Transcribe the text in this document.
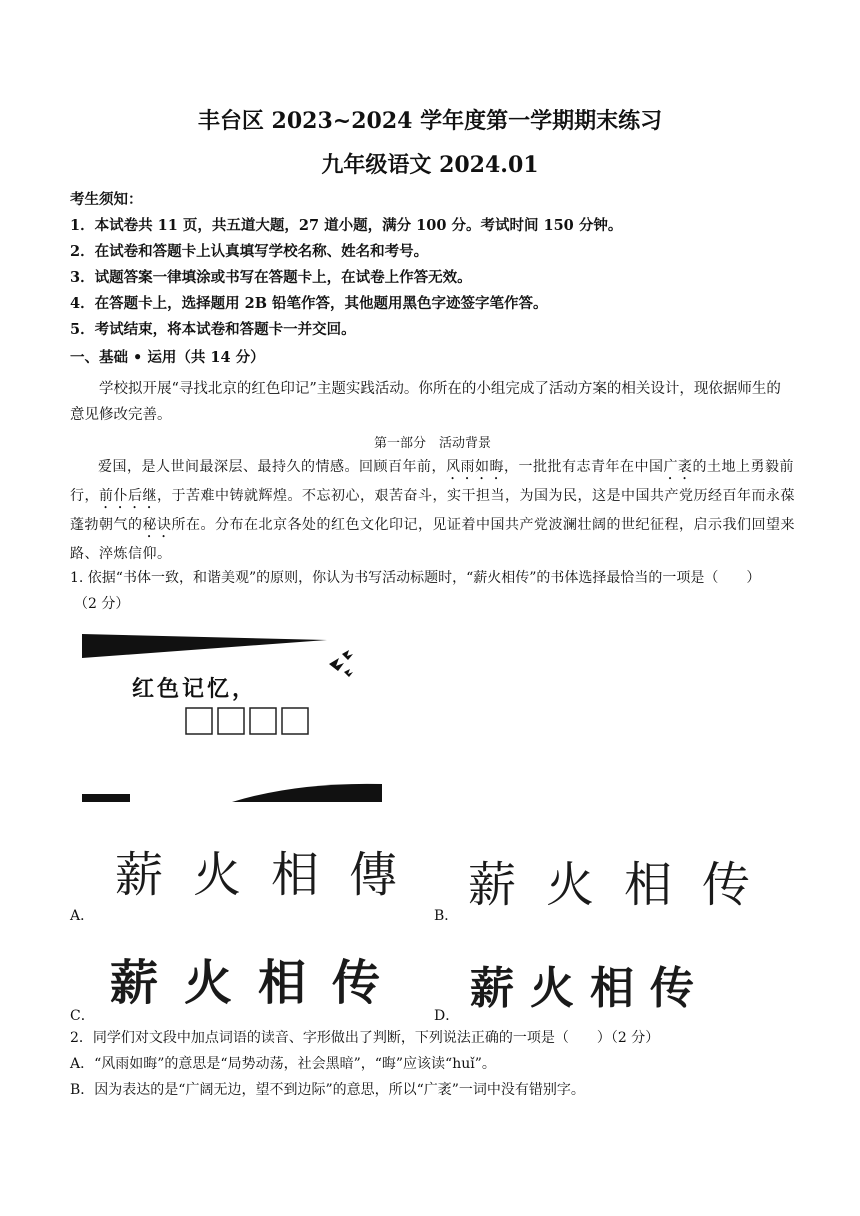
丰台区 2023~2024 学年度第一学期期末练习
九年级语文 2024.01
考生须知：
1．本试卷共 11 页，共五道大题，27 道小题，满分 100 分。考试时间 150 分钟。
2．在试卷和答题卡上认真填写学校名称、姓名和考号。
3．试题答案一律填涂或书写在答题卡上，在试卷上作答无效。
4．在答题卡上，选择题用 2B 铅笔作答，其他题用黑色字迹签字笔作答。
5．考试结束，将本试卷和答题卡一并交回。
一、基础 • 运用（共 14 分）
学校拟开展“寻找北京的红色印记”主题实践活动。你所在的小组完成了活动方案的相关设计，现依据师生的意见修改完善。
第一部分　活动背景
爱国，是人世间最深层、最持久的情感。回顾百年前，风雨如晦，一批批有志青年在中国广袤的土地上勇毅前行，前仆后继，于苦难中铸就辉煌。不忘初心，艰苦奋斗，实干担当，为国为民，这是中国共产党历经百年而永葆蓬勃朝气的秘诀所在。分布在北京各处的红色文化印记，见证着中国共产党波澜壮阔的世纪征程，启示我们回望来路、淬炼信仰。
1. 依据“书体一致，和谐美观”的原则，你认为书写活动标题时，“薪火相传”的书体选择最恰当的一项是（　　）
（2 分）
红色记忆，
薪火相傳
A．
薪火相传
B．
薪火相传
C．
薪火相传
D．
2．同学们对文段中加点词语的读音、字形做出了判断，下列说法正确的一项是（　　）（2 分）
A．“风雨如晦”的意思是“局势动荡，社会黑暗”，“晦”应该读“huǐ”。
B．因为表达的是“广阔无边，望不到边际”的意思，所以“广袤”一词中没有错别字。
